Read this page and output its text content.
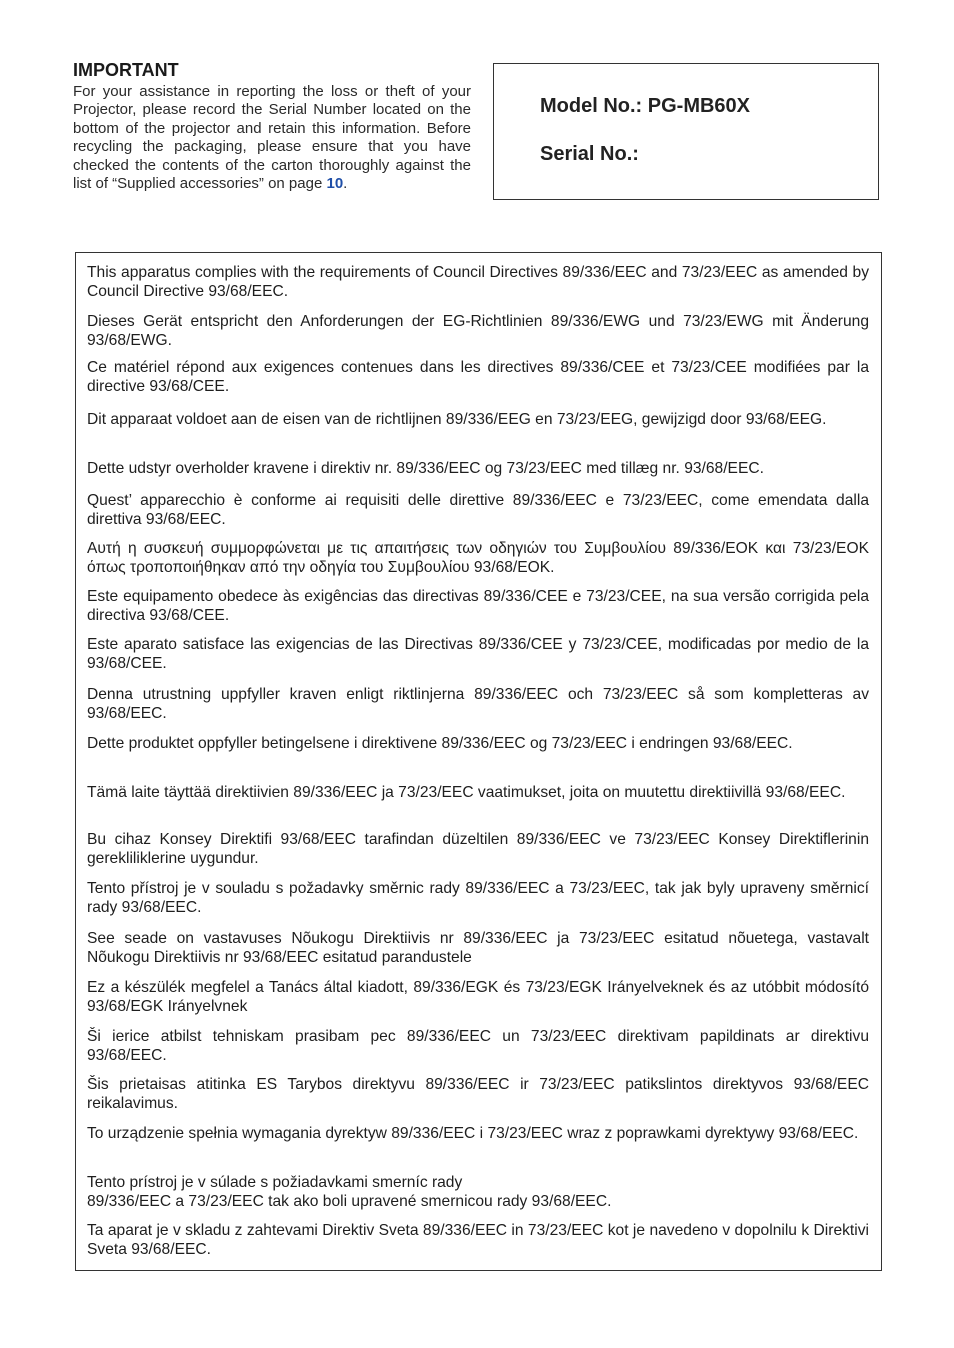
IMPORTANT

For your assistance in reporting the loss or theft of your Projector, please record the Serial Number located on the bottom of the projector and retain this information. Before recycling the packaging, please ensure that you have checked the contents of the carton thoroughly against the list of “Supplied accessories” on page 10.

Model No.: PG-MB60X
Serial No.:

This apparatus complies with the requirements of Council Directives 89/336/EEC and 73/23/EEC as amended by Council Directive 93/68/EEC.

Dieses Gerät entspricht den Anforderungen der EG-Richtlinien 89/336/EWG und 73/23/EWG mit Änderung 93/68/EWG.

Ce matériel répond aux exigences contenues dans les directives 89/336/CEE et 73/23/CEE modifiées par la directive 93/68/CEE.

Dit apparaat voldoet aan de eisen van de richtlijnen 89/336/EEG en 73/23/EEG, gewijzigd door 93/68/EEG.

Dette udstyr overholder kravene i direktiv nr. 89/336/EEC og 73/23/EEC med tillæg nr. 93/68/EEC.

Quest’ apparecchio è conforme ai requisiti delle direttive 89/336/EEC e 73/23/EEC, come emendata dalla direttiva 93/68/EEC.

Αυτή η συσκευή συμμορφώνεται με τις απαιτήσεις των οδηγιών του Συμβουλίου 89/336/ΕΟΚ και 73/23/ΕΟΚ όπως τροποποιήθηκαν από την οδηγία του Συμβουλίου 93/68/ΕΟΚ.

Este equipamento obedece às exigências das directivas 89/336/CEE e 73/23/CEE, na sua versão corrigida pela directiva 93/68/CEE.

Este aparato satisface las exigencias de las Directivas 89/336/CEE y 73/23/CEE, modificadas por medio de la 93/68/CEE.

Denna utrustning uppfyller kraven enligt riktlinjerna 89/336/EEC och 73/23/EEC så som kompletteras av 93/68/EEC.

Dette produktet oppfyller betingelsene i direktivene 89/336/EEC og 73/23/EEC i endringen 93/68/EEC.

Tämä laite täyttää direktiivien 89/336/EEC ja 73/23/EEC vaatimukset, joita on muutettu direktiivillä 93/68/EEC.

Bu cihaz Konsey Direktifi 93/68/EEC tarafindan düzeltilen 89/336/EEC ve 73/23/EEC Konsey Direktiflerinin gerekliliklerine uygundur.

Tento přístroj je v souladu s požadavky směrnic rady 89/336/EEC a 73/23/EEC, tak jak byly upraveny směrnicí rady 93/68/EEC.

See seade on vastavuses Nõukogu Direktiivis nr 89/336/EEC ja 73/23/EEC esitatud nõuetega, vastavalt Nõukogu Direktiivis nr 93/68/EEC esitatud parandustele

Ez a készülék megfelel a Tanács által kiadott, 89/336/EGK és 73/23/EGK Irányelveknek és az utóbbit módosító 93/68/EGK Irányelvnek

Ši ierice atbilst tehniskam prasibam pec 89/336/EEC un 73/23/EEC direktivam papildinats ar direktivu 93/68/EEC.

Šis prietaisas atitinka ES Tarybos direktyvu 89/336/EEC ir 73/23/EEC patikslintos direktyvos 93/68/EEC reikalavimus.

To urządzenie spełnia wymagania dyrektyw 89/336/EEC i 73/23/EEC wraz z poprawkami dyrektywy 93/68/EEC.

Tento prístroj je v súlade s požiadavkami smerníc rady
89/336/EEC a 73/23/EEC tak ako boli upravené smernicou rady 93/68/EEC.

Ta aparat je v skladu z zahtevami Direktiv Sveta 89/336/EEC in 73/23/EEC kot je navedeno v dopolnilu k Direktivi Sveta 93/68/EEC.
